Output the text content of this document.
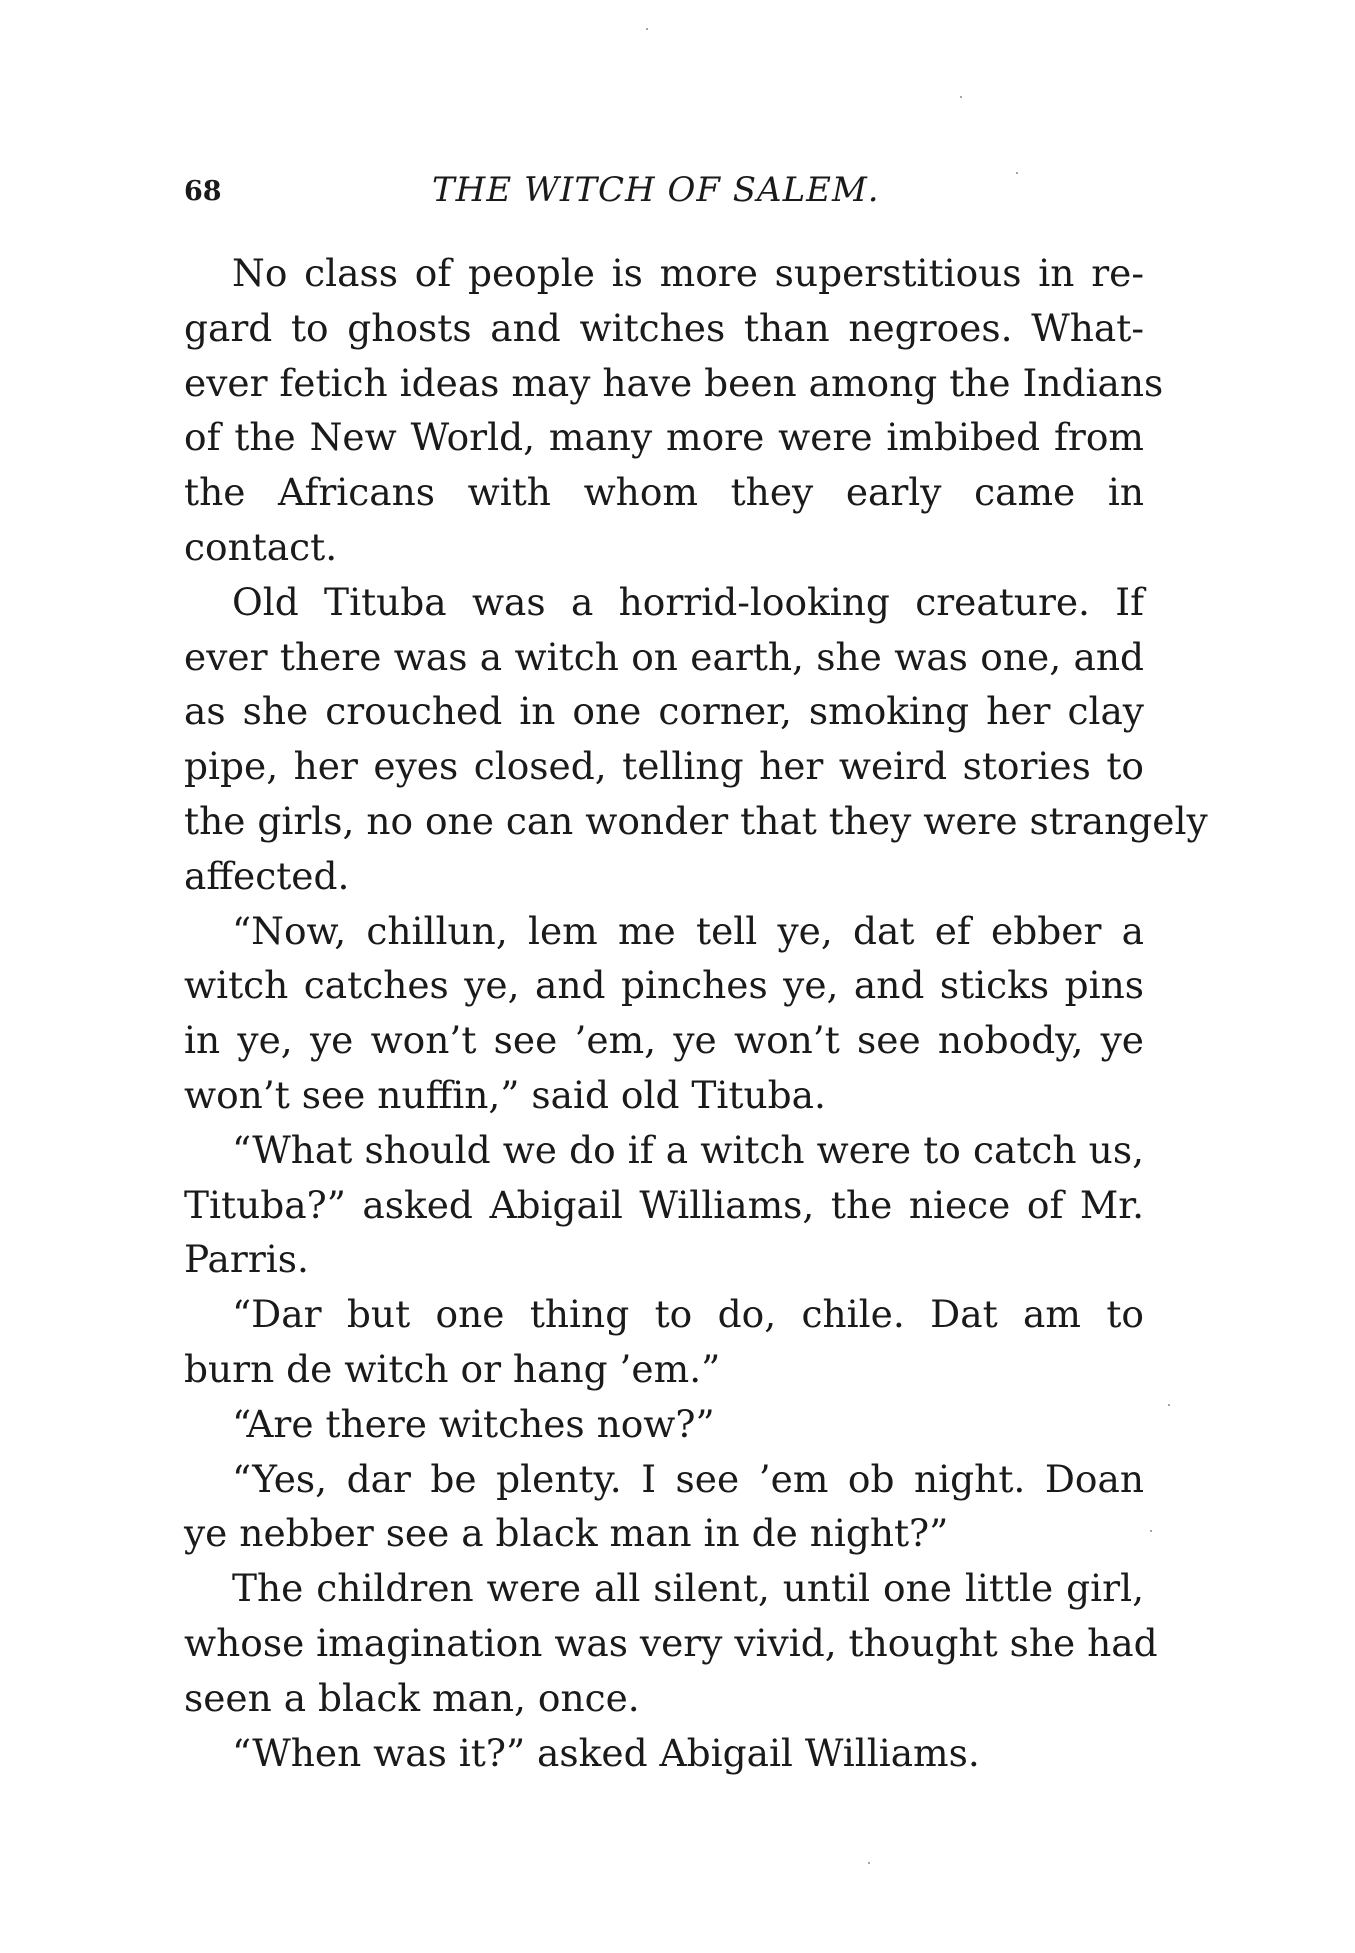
68	THE WITCH OF SALEM.

No class of people is more superstitious in re-
gard to ghosts and witches than negroes. What-
ever fetich ideas may have been among the Indians
of the New World, many more were imbibed from
the Africans with whom they early came in
contact.

Old Tituba was a horrid-looking creature. If
ever there was a witch on earth, she was one, and
as she crouched in one corner, smoking her clay
pipe, her eyes closed, telling her weird stories to
the girls, no one can wonder that they were strangely
affected.

“Now, chillun, lem me tell ye, dat ef ebber a
witch catches ye, and pinches ye, and sticks pins
in ye, ye won’t see ’em, ye won’t see nobody, ye
won’t see nuffin,” said old Tituba.

“What should we do if a witch were to catch us,
Tituba?” asked Abigail Williams, the niece of Mr.
Parris.

“Dar but one thing to do, chile. Dat am to
burn de witch or hang ’em.”

“Are there witches now?”

“Yes, dar be plenty. I see ’em ob night. Doan
ye nebber see a black man in de night?”

The children were all silent, until one little girl,
whose imagination was very vivid, thought she had
seen a black man, once.

“When was it?” asked Abigail Williams.
